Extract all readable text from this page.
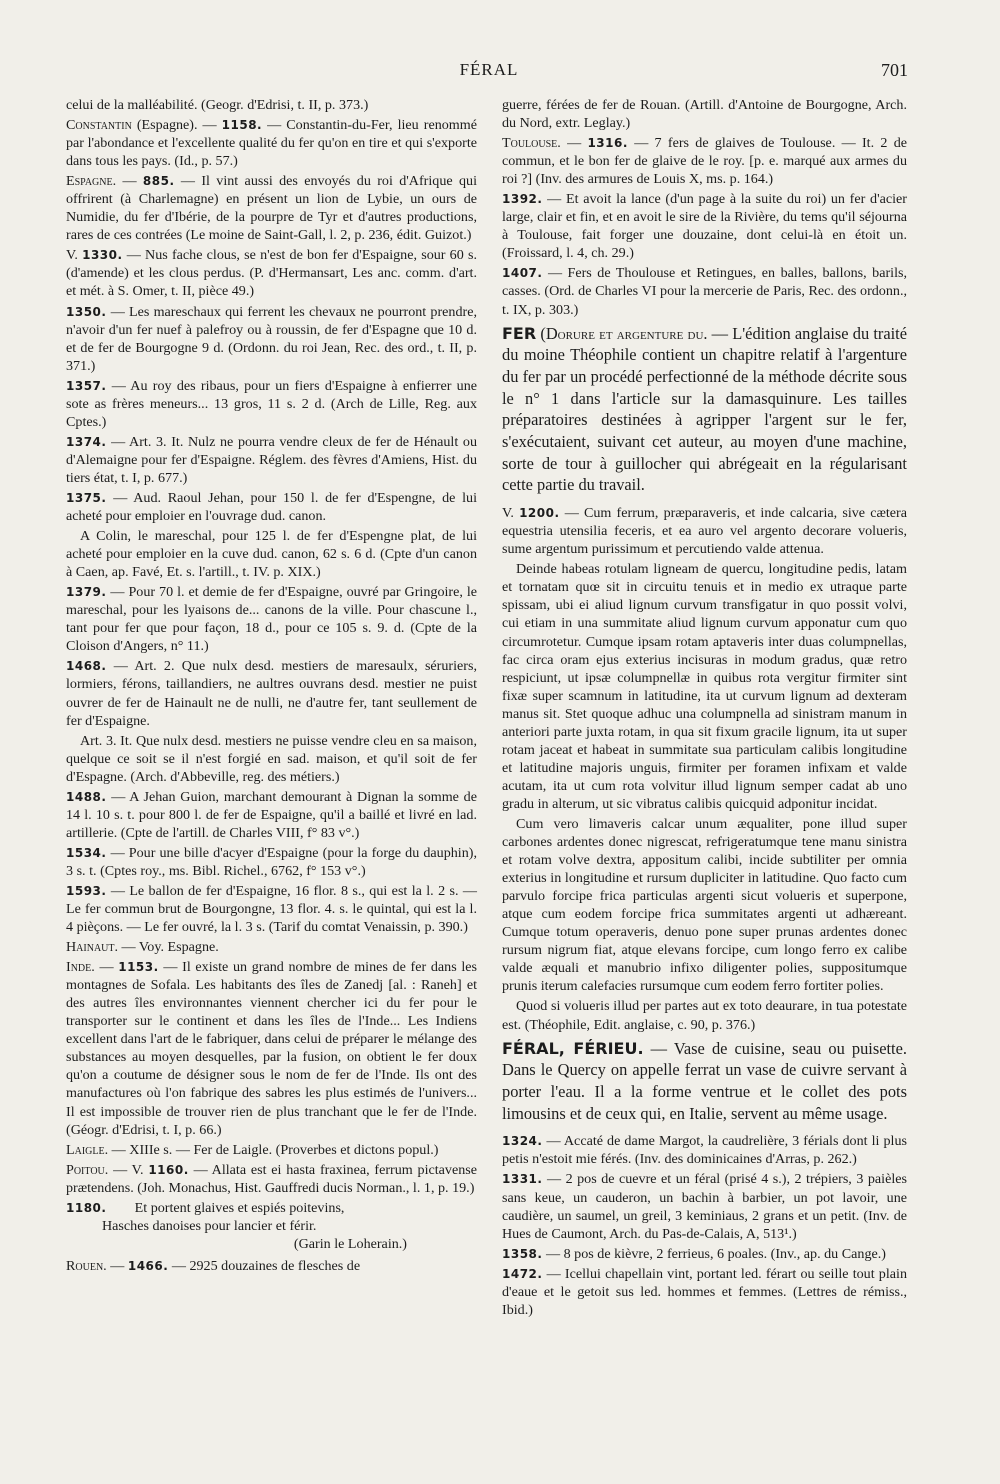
FÉRAL	701

celui de la malléabilité. (Geogr. d'Edrisi, t. II, p. 373.)

Constantin (Espagne). — 1158. — Constantin-du-Fer, lieu renommé par l'abondance et l'excellente qualité du fer qu'on en tire et qui s'exporte dans tous les pays. (Id., p. 57.)

Espagne. — 885. — Il vint aussi des envoyés du roi d'Afrique qui offrirent (à Charlemagne) en présent un lion de Lybie, un ours de Numidie, du fer d'Ibérie, de la pourpre de Tyr et d'autres productions, rares de ces contrées (Le moine de Saint-Gall, l. 2, p. 236, édit. Guizot.)

V. 1330. — Nus fache clous, se n'est de bon fer d'Espaigne, sour 60 s. (d'amende) et les clous perdus. (P. d'Hermansart, Les anc. comm. d'art. et mét. à S. Omer, t. II, pièce 49.)

1350. — Les mareschaux qui ferrent les chevaux ne pourront prendre, n'avoir d'un fer nuef à palefroy ou à roussin, de fer d'Espagne que 10 d. et de fer de Bourgogne 9 d. (Ordonn. du roi Jean, Rec. des ord., t. II, p. 371.)

1357. — Au roy des ribaus, pour un fiers d'Espaigne à enfierrer une sote as frères meneurs... 13 gros, 11 s. 2 d. (Arch de Lille, Reg. aux Cptes.)

1374. — Art. 3. It. Nulz ne pourra vendre cleux de fer de Hénault ou d'Alemaigne pour fer d'Espaigne. Réglem. des fèvres d'Amiens, Hist. du tiers état, t. I, p. 677.)

1375. — Aud. Raoul Jehan, pour 150 l. de fer d'Espengne, de lui acheté pour emploier en l'ouvrage dud. canon.

A Colin, le mareschal, pour 125 l. de fer d'Espengne plat, de lui acheté pour emploier en la cuve dud. canon, 62 s. 6 d. (Cpte d'un canon à Caen, ap. Favé, Et. s. l'artill., t. IV. p. XIX.)

1379. — Pour 70 l. et demie de fer d'Espaigne, ouvré par Gringoire, le mareschal, pour les lyaisons de... canons de la ville. Pour chascune l., tant pour fer que pour façon, 18 d., pour ce 105 s. 9. d. (Cpte de la Cloison d'Angers, n° 11.)

1468. — Art. 2. Que nulx desd. mestiers de maresaulx, séruriers, lormiers, férons, taillandiers, ne aultres ouvrans desd. mestier ne puist ouvrer de fer de Hainault ne de nulli, ne d'autre fer, tant seullement de fer d'Espaigne.

Art. 3. It. Que nulx desd. mestiers ne puisse vendre cleu en sa maison, quelque ce soit se il n'est forgié en sad. maison, et qu'il soit de fer d'Espagne. (Arch. d'Abbeville, reg. des métiers.)

1488. — A Jehan Guion, marchant demourant à Dignan la somme de 14 l. 10 s. t. pour 800 l. de fer de Espaigne, qu'il a baillé et livré en lad. artillerie. (Cpte de l'artill. de Charles VIII, f° 83 v°.)

1534. — Pour une bille d'acyer d'Espaigne (pour la forge du dauphin), 3 s. t. (Cptes roy., ms. Bibl. Richel., 6762, f° 153 v°.)

1593. — Le ballon de fer d'Espaigne, 16 flor. 8 s., qui est la l. 2 s. — Le fer commun brut de Bourgongne, 13 flor. 4. s. le quintal, qui est la l. 4 pièçons. — Le fer ouvré, la l. 3 s. (Tarif du comtat Venaissin, p. 390.)

Hainaut. — Voy. Espagne.

Inde. — 1153. — Il existe un grand nombre de mines de fer dans les montagnes de Sofala. Les habitants des îles de Zanedj [al. : Raneh] et des autres îles environnantes viennent chercher ici du fer pour le transporter sur le continent et dans les îles de l'Inde... Les Indiens excellent dans l'art de le fabriquer, dans celui de préparer le mélange des substances au moyen desquelles, par la fusion, on obtient le fer doux qu'on a coutume de désigner sous le nom de fer de l'Inde. Ils ont des manufactures où l'on fabrique des sabres les plus estimés de l'univers... Il est impossible de trouver rien de plus tranchant que le fer de l'Inde. (Géogr. d'Edrisi, t. I, p. 66.)

Laigle. — XIIIe s. — Fer de Laigle. (Proverbes et dictons popul.)

Poitou. — V. 1160. — Allata est ei hasta fraxinea, ferrum pictavense prætendens. (Joh. Monachus, Hist. Gauffredi ducis Norman., l. 1, p. 19.)

1180.  Et portent glaives et espiés poitevins,
Hasches danoises pour lancier et férir.
(Garin le Loherain.)

Rouen. — 1466. — 2925 douzaines de flesches de

guerre, férées de fer de Rouan. (Artill. d'Antoine de Bourgogne, Arch. du Nord, extr. Leglay.)

Toulouse. — 1316. — 7 fers de glaives de Toulouse. — It. 2 de commun, et le bon fer de glaive de le roy. [p. e. marqué aux armes du roi ?] (Inv. des armures de Louis X, ms. p. 164.)

1392. — Et avoit la lance (d'un page à la suite du roi) un fer d'acier large, clair et fin, et en avoit le sire de la Rivière, du tems qu'il séjourna à Toulouse, fait forger une douzaine, dont celui-là en étoit un. (Froissard, l. 4, ch. 29.)

1407. — Fers de Thoulouse et Retingues, en balles, ballons, barils, casses. (Ord. de Charles VI pour la mercerie de Paris, Rec. des ordonn., t. IX, p. 303.)

FER (Dorure et argenture du. — L'édition anglaise du traité du moine Théophile contient un chapitre relatif à l'argenture du fer par un procédé perfectionné de la méthode décrite sous le n° 1 dans l'article sur la damasquinure. Les tailles préparatoires destinées à agripper l'argent sur le fer, s'exécutaient, suivant cet auteur, au moyen d'une machine, sorte de tour à guillocher qui abrégeait en la régularisant cette partie du travail.

V. 1200. — Cum ferrum, præparaveris, et inde calcaria, sive cætera equestria utensilia feceris, et ea auro vel argento decorare volueris, sume argentum purissimum et percutiendo valde attenua.

Deinde habeas rotulam ligneam de quercu, longitudine pedis, latam et tornatam quœ sit in circuitu tenuis et in medio ex utraque parte spissam, ubi ei aliud lignum curvum transfigatur in quo possit volvi, cui etiam in una summitate aliud lignum curvum apponatur cum quo circumrotetur. Cumque ipsam rotam aptaveris inter duas columpnellas, fac circa oram ejus exterius incisuras in modum gradus, quæ retro respiciunt, ut ipsæ columpnellæ in quibus rota vergitur firmiter sint fixæ super scamnum in latitudine, ita ut curvum lignum ad dexteram manus sit. Stet quoque adhuc una columpnella ad sinistram manum in anteriori parte juxta rotam, in qua sit fixum gracile lignum, ita ut super rotam jaceat et habeat in summitate sua particulam calibis longitudine et latitudine majoris unguis, firmiter per foramen infixam et valde acutam, ita ut cum rota volvitur illud lignum semper cadat ab uno gradu in alterum, ut sic vibratus calibis quicquid adponitur incidat.

Cum vero limaveris calcar unum æqualiter, pone illud super carbones ardentes donec nigrescat, refrigeratumque tene manu sinistra et rotam volve dextra, appositum calibi, incide subtiliter per omnia exterius in longitudine et rursum dupliciter in latitudine. Quo facto cum parvulo forcipe frica particulas argenti sicut volueris et superpone, atque cum eodem forcipe frica summitates argenti ut adhæreant. Cumque totum operaveris, denuo pone super prunas ardentes donec rursum nigrum fiat, atque elevans forcipe, cum longo ferro ex calibe valde æquali et manubrio infixo diligenter polies, suppositumque prunis iterum calefacies rursumque cum eodem ferro fortiter polies.

Quod si volueris illud per partes aut ex toto deaurare, in tua potestate est. (Théophile, Edit. anglaise, c. 90, p. 376.)

FÉRAL, FÉRIEU. — Vase de cuisine, seau ou puisette. Dans le Quercy on appelle ferrat un vase de cuivre servant à porter l'eau. Il a la forme ventrue et le collet des pots limousins et de ceux qui, en Italie, servent au même usage.

1324. — Accaté de dame Margot, la caudrelière, 3 férials dont li plus petis n'estoit mie férés. (Inv. des dominicaines d'Arras, p. 262.)

1331. — 2 pos de cuevre et un féral (prisé 4 s.), 2 trépiers, 3 paièles sans keue, un cauderon, un bachin à barbier, un pot lavoir, une caudière, un saumel, un greil, 3 keminiaus, 2 grans et un petit. (Inv. de Hues de Caumont, Arch. du Pas-de-Calais, A, 513¹.)

1358. — 8 pos de kièvre, 2 ferrieus, 6 poales. (Inv., ap. du Cange.)

1472. — Icellui chapellain vint, portant led. férart ou seille tout plain d'eaue et le getoit sus led. hommes et femmes. (Lettres de rémiss., Ibid.)
